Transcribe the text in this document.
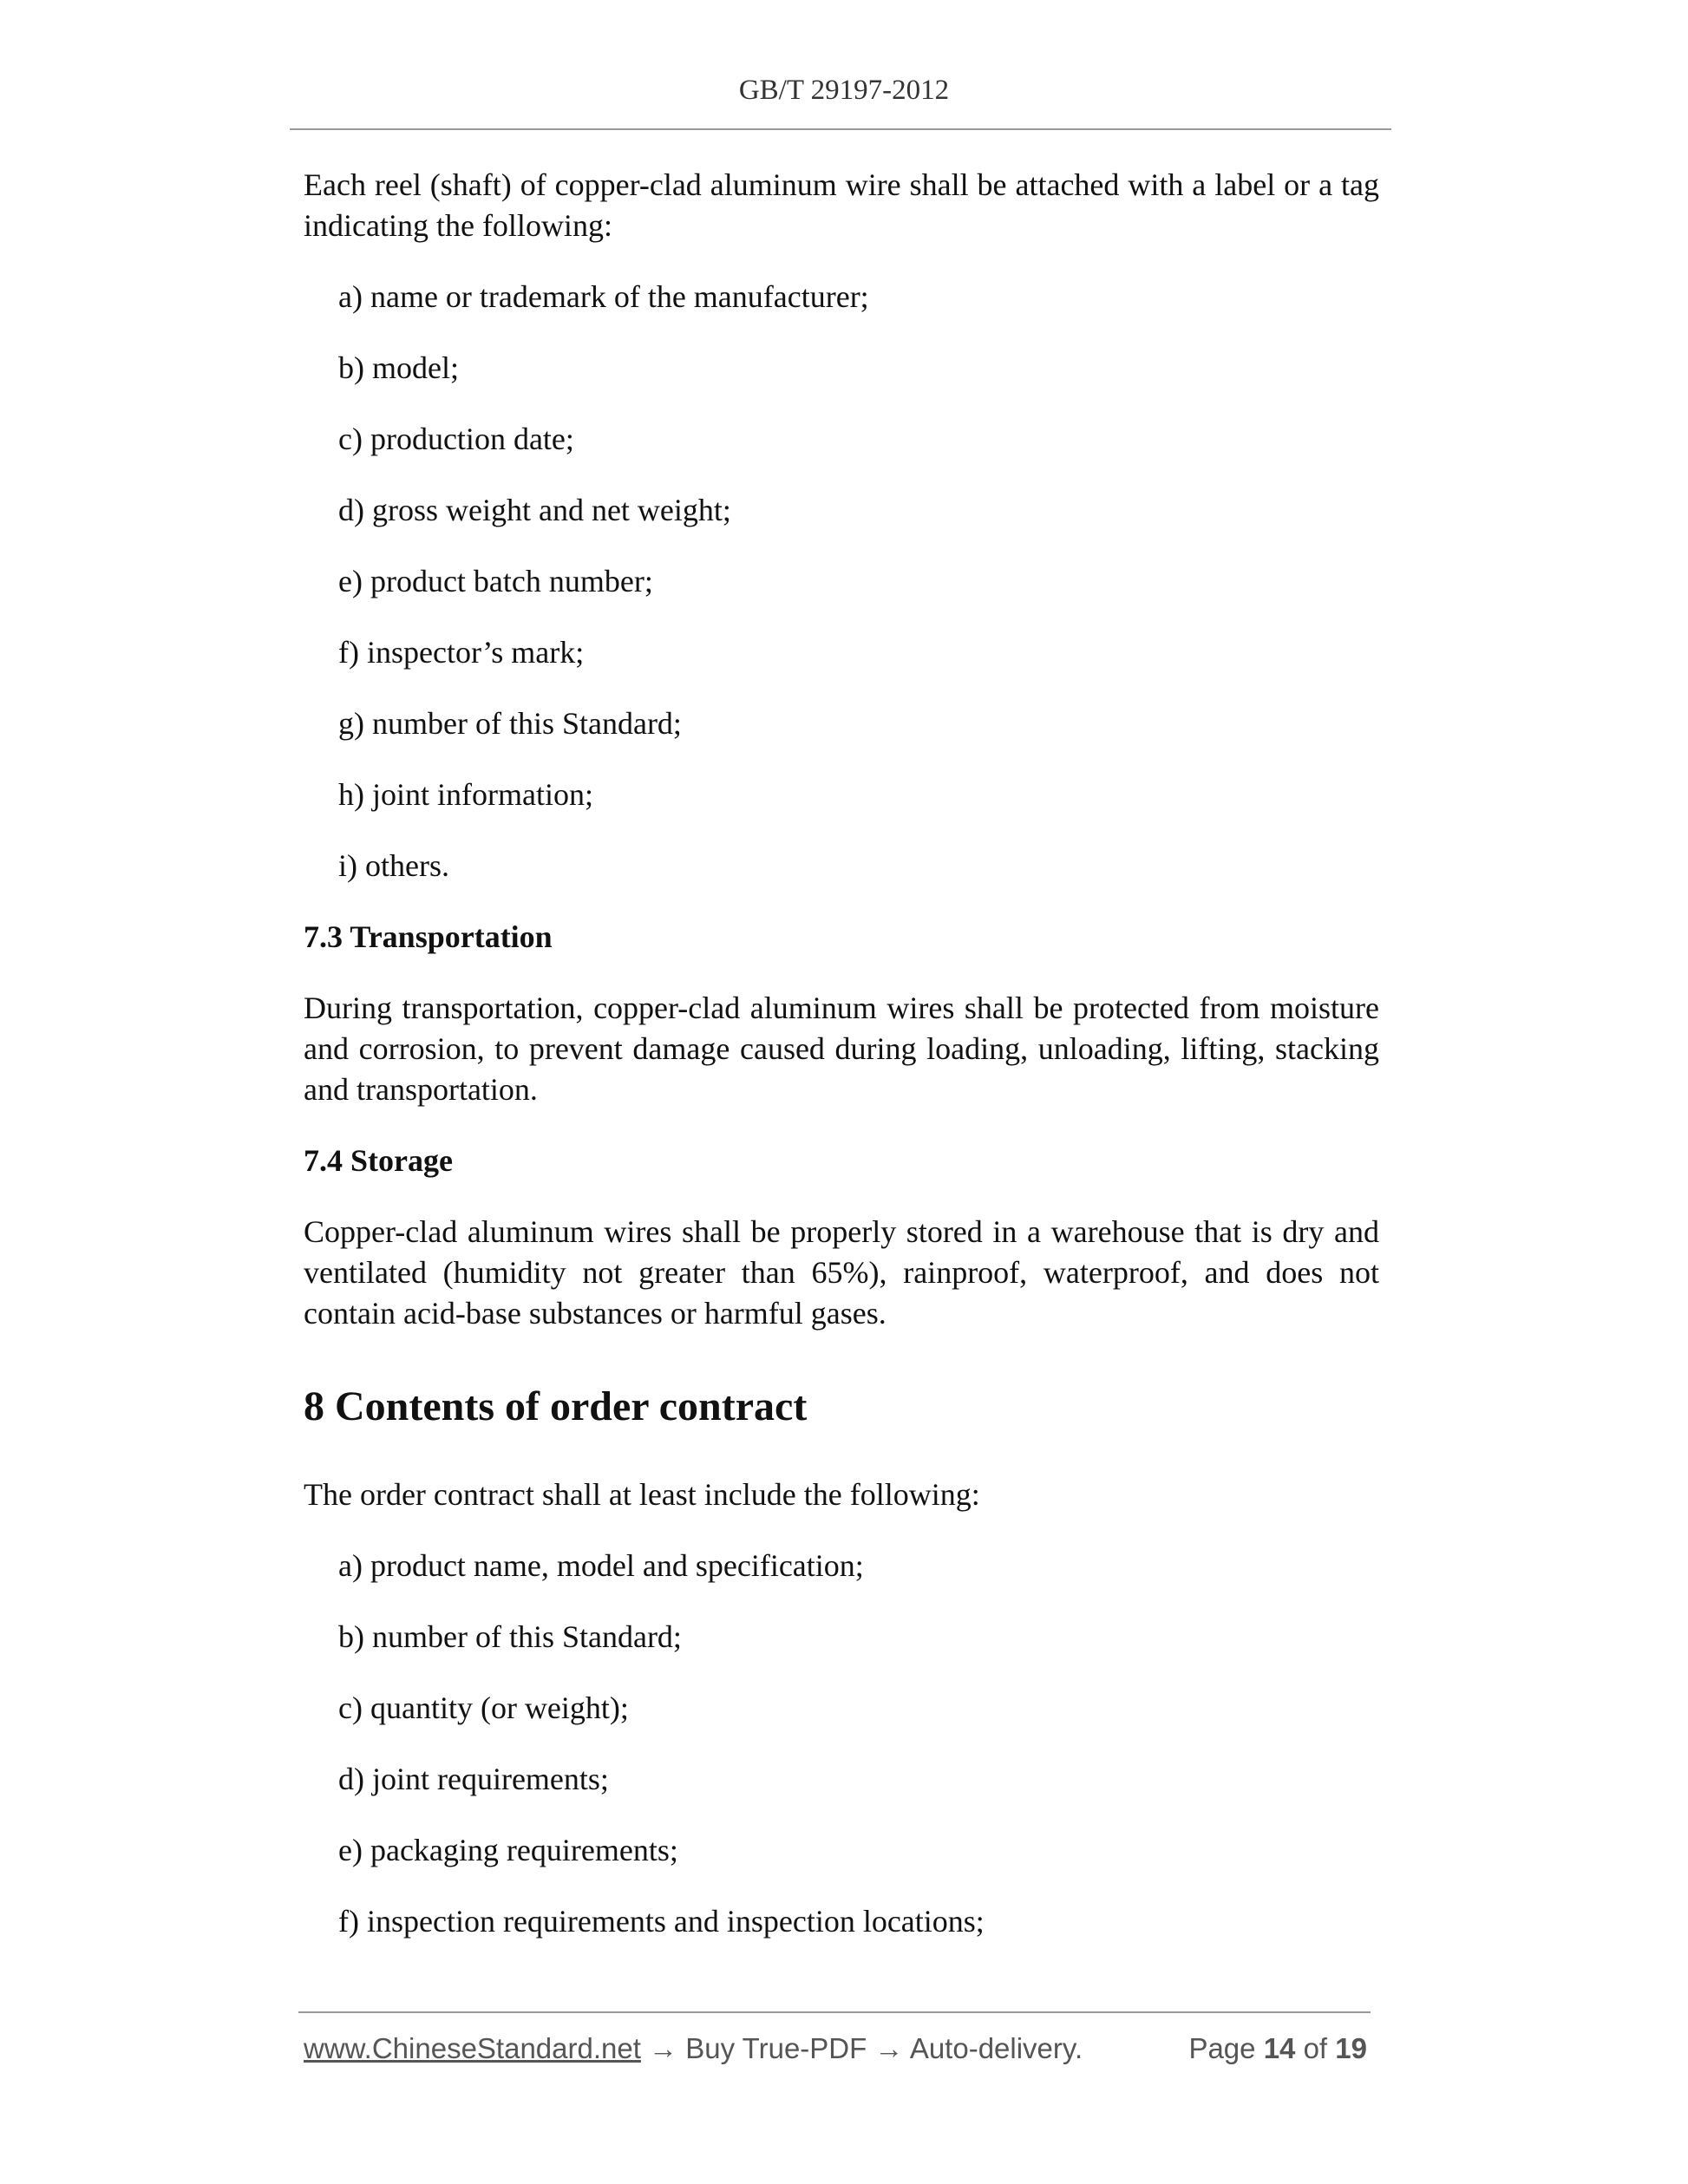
GB/T 29197-2012

Each reel (shaft) of copper-clad aluminum wire shall be attached with a label or a tag indicating the following:

a) name or trademark of the manufacturer;
b) model;
c) production date;
d) gross weight and net weight;
e) product batch number;
f) inspector’s mark;
g) number of this Standard;
h) joint information;
i) others.
7.3 Transportation

During transportation, copper-clad aluminum wires shall be protected from moisture and corrosion, to prevent damage caused during loading, unloading, lifting, stacking and transportation.

7.4 Storage

Copper-clad aluminum wires shall be properly stored in a warehouse that is dry and ventilated (humidity not greater than 65%), rainproof, waterproof, and does not contain acid-base substances or harmful gases.

8 Contents of order contract

The order contract shall at least include the following:

a) product name, model and specification;
b) number of this Standard;
c) quantity (or weight);
d) joint requirements;
e) packaging requirements;
f) inspection requirements and inspection locations;
www.ChineseStandard.net → Buy True-PDF → Auto-delivery.	Page 14 of 19
